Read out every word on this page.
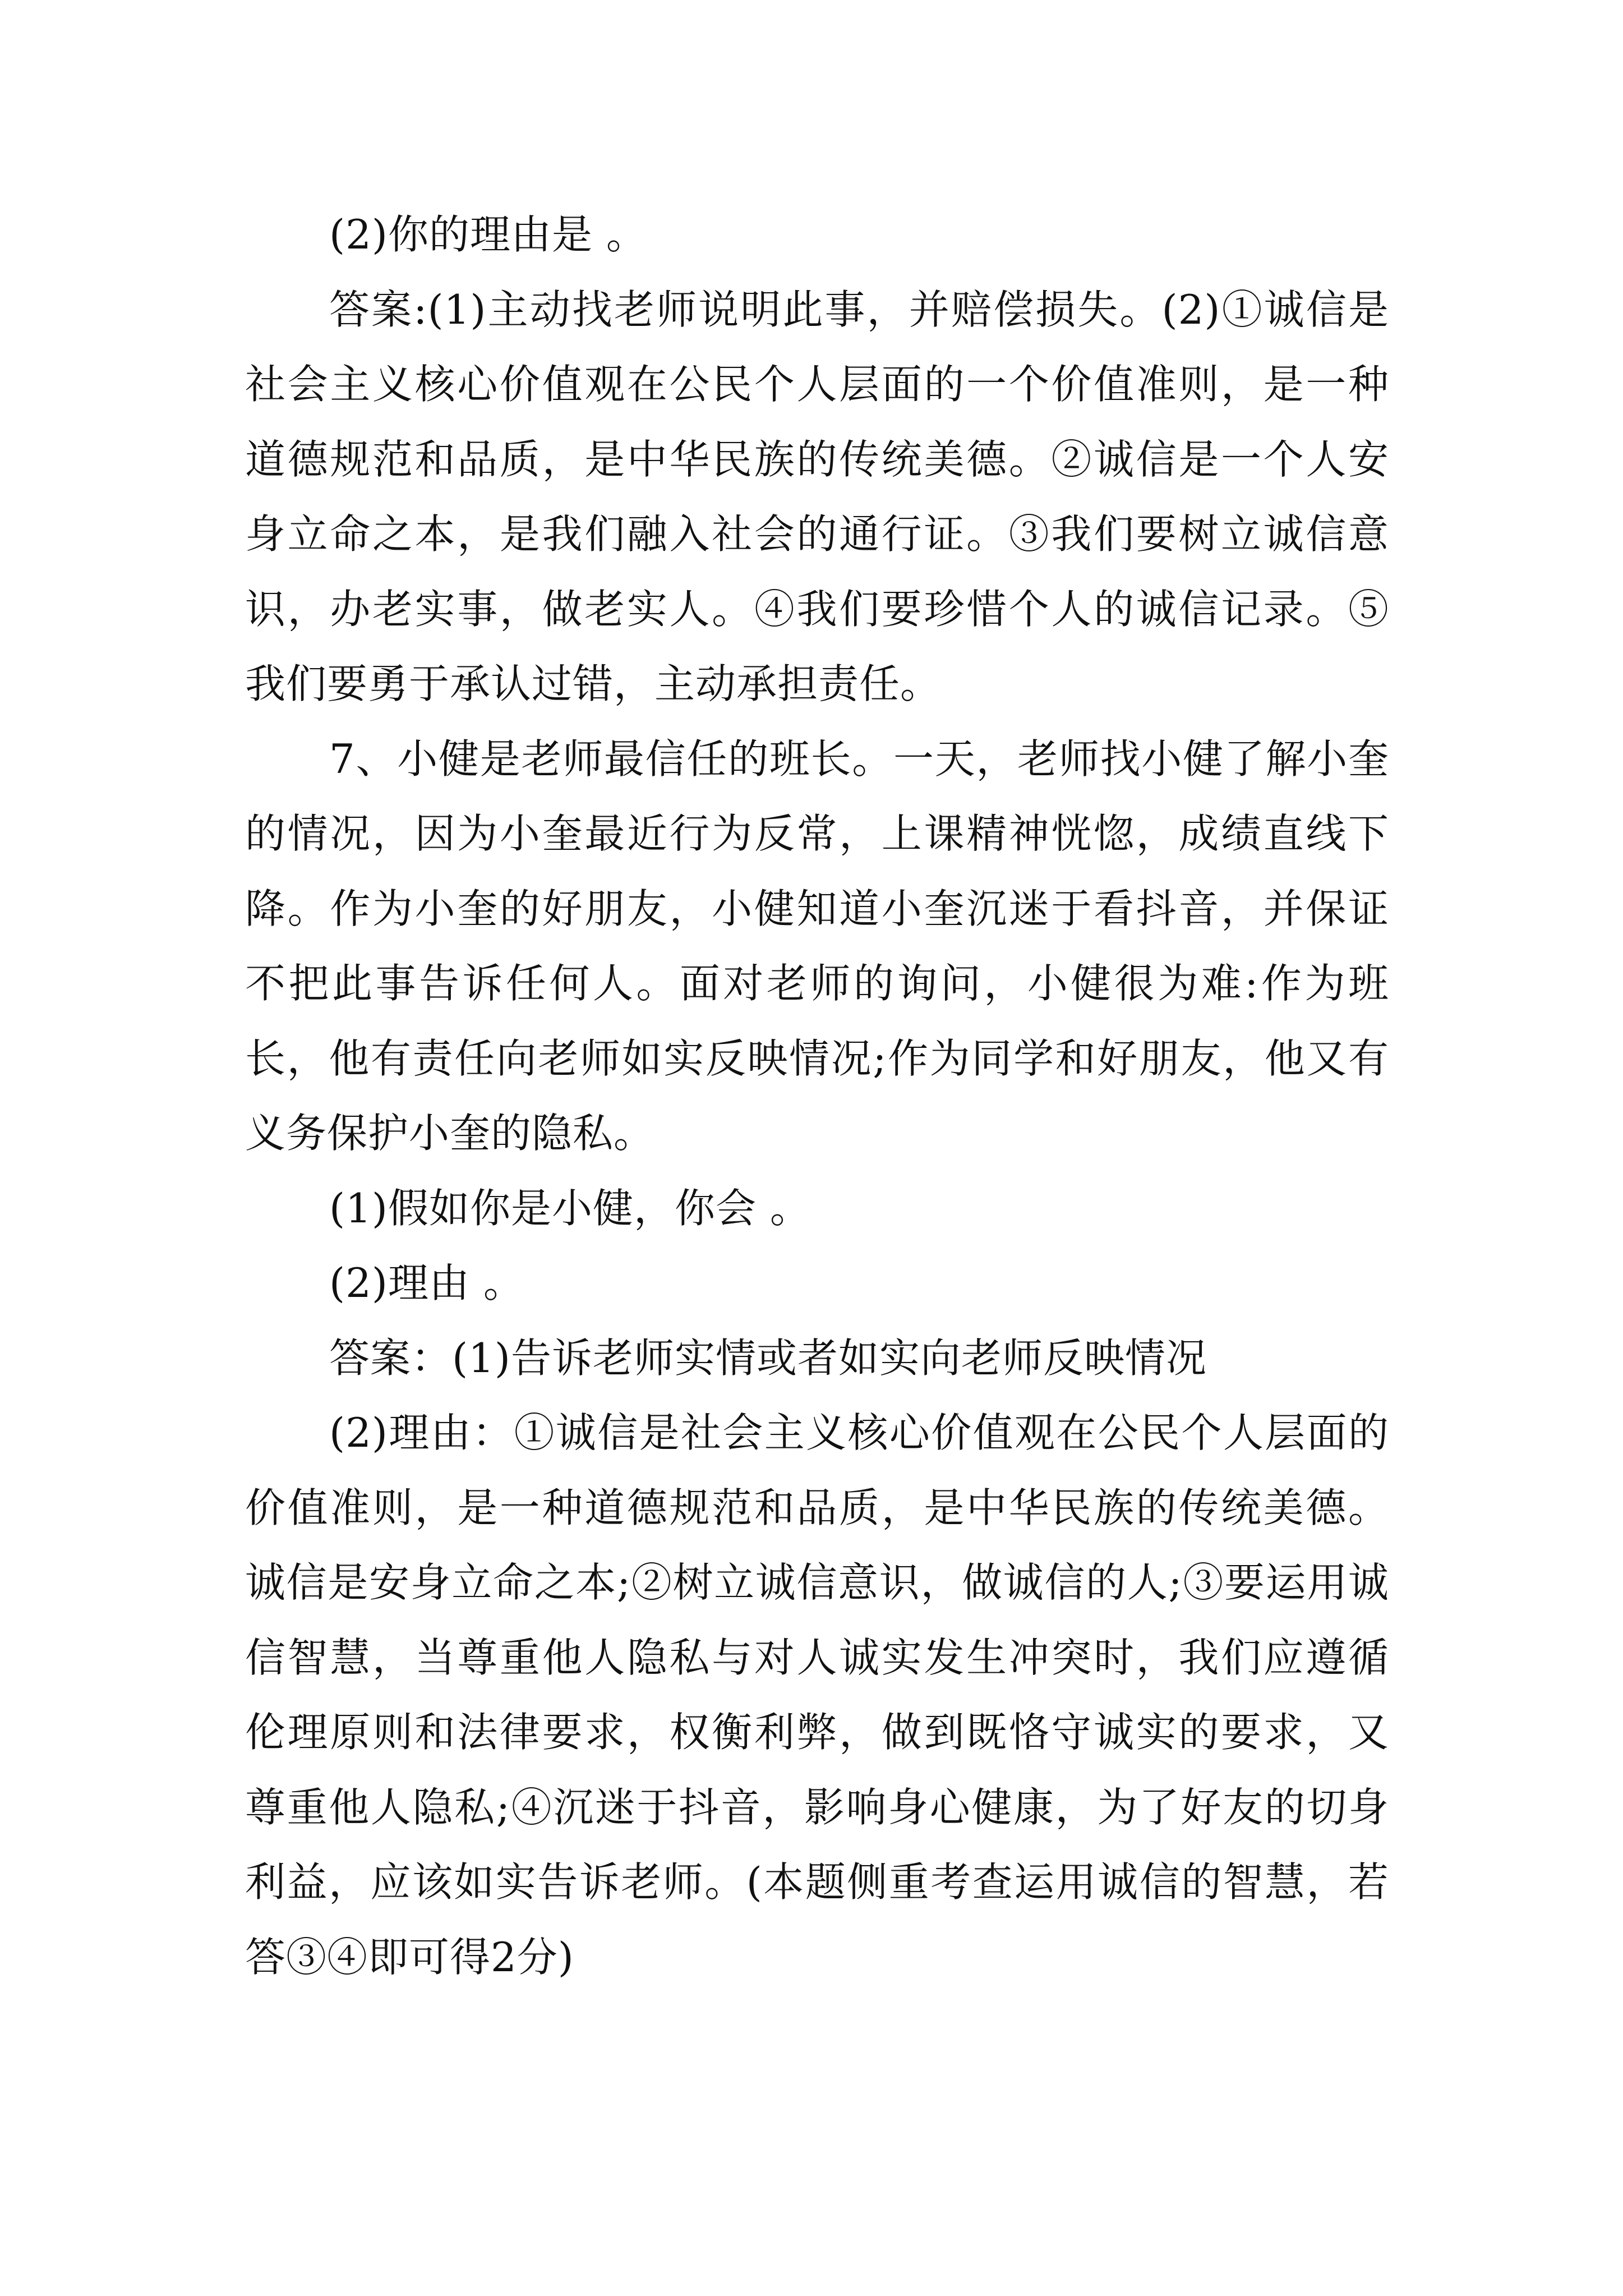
(2)你的理由是 。

答案:(1)主动找老师说明此事，并赔偿损失。(2)①诚信是社会主义核心价值观在公民个人层面的一个价值准则，是一种道德规范和品质，是中华民族的传统美德。②诚信是一个人安身立命之本，是我们融入社会的通行证。③我们要树立诚信意识，办老实事，做老实人。④我们要珍惜个人的诚信记录。⑤我们要勇于承认过错，主动承担责任。

7、小健是老师最信任的班长。一天，老师找小健了解小奎的情况，因为小奎最近行为反常，上课精神恍惚，成绩直线下降。作为小奎的好朋友，小健知道小奎沉迷于看抖音，并保证不把此事告诉任何人。面对老师的询问，小健很为难:作为班长，他有责任向老师如实反映情况;作为同学和好朋友，他又有义务保护小奎的隐私。

(1)假如你是小健，你会 。

(2)理由 。

答案：(1)告诉老师实情或者如实向老师反映情况

(2)理由：①诚信是社会主义核心价值观在公民个人层面的价值准则，是一种道德规范和品质，是中华民族的传统美德。诚信是安身立命之本;②树立诚信意识，做诚信的人;③要运用诚信智慧，当尊重他人隐私与对人诚实发生冲突时，我们应遵循伦理原则和法律要求，权衡利弊，做到既恪守诚实的要求，又尊重他人隐私;④沉迷于抖音，影响身心健康，为了好友的切身利益，应该如实告诉老师。(本题侧重考查运用诚信的智慧，若答③④即可得2分)
